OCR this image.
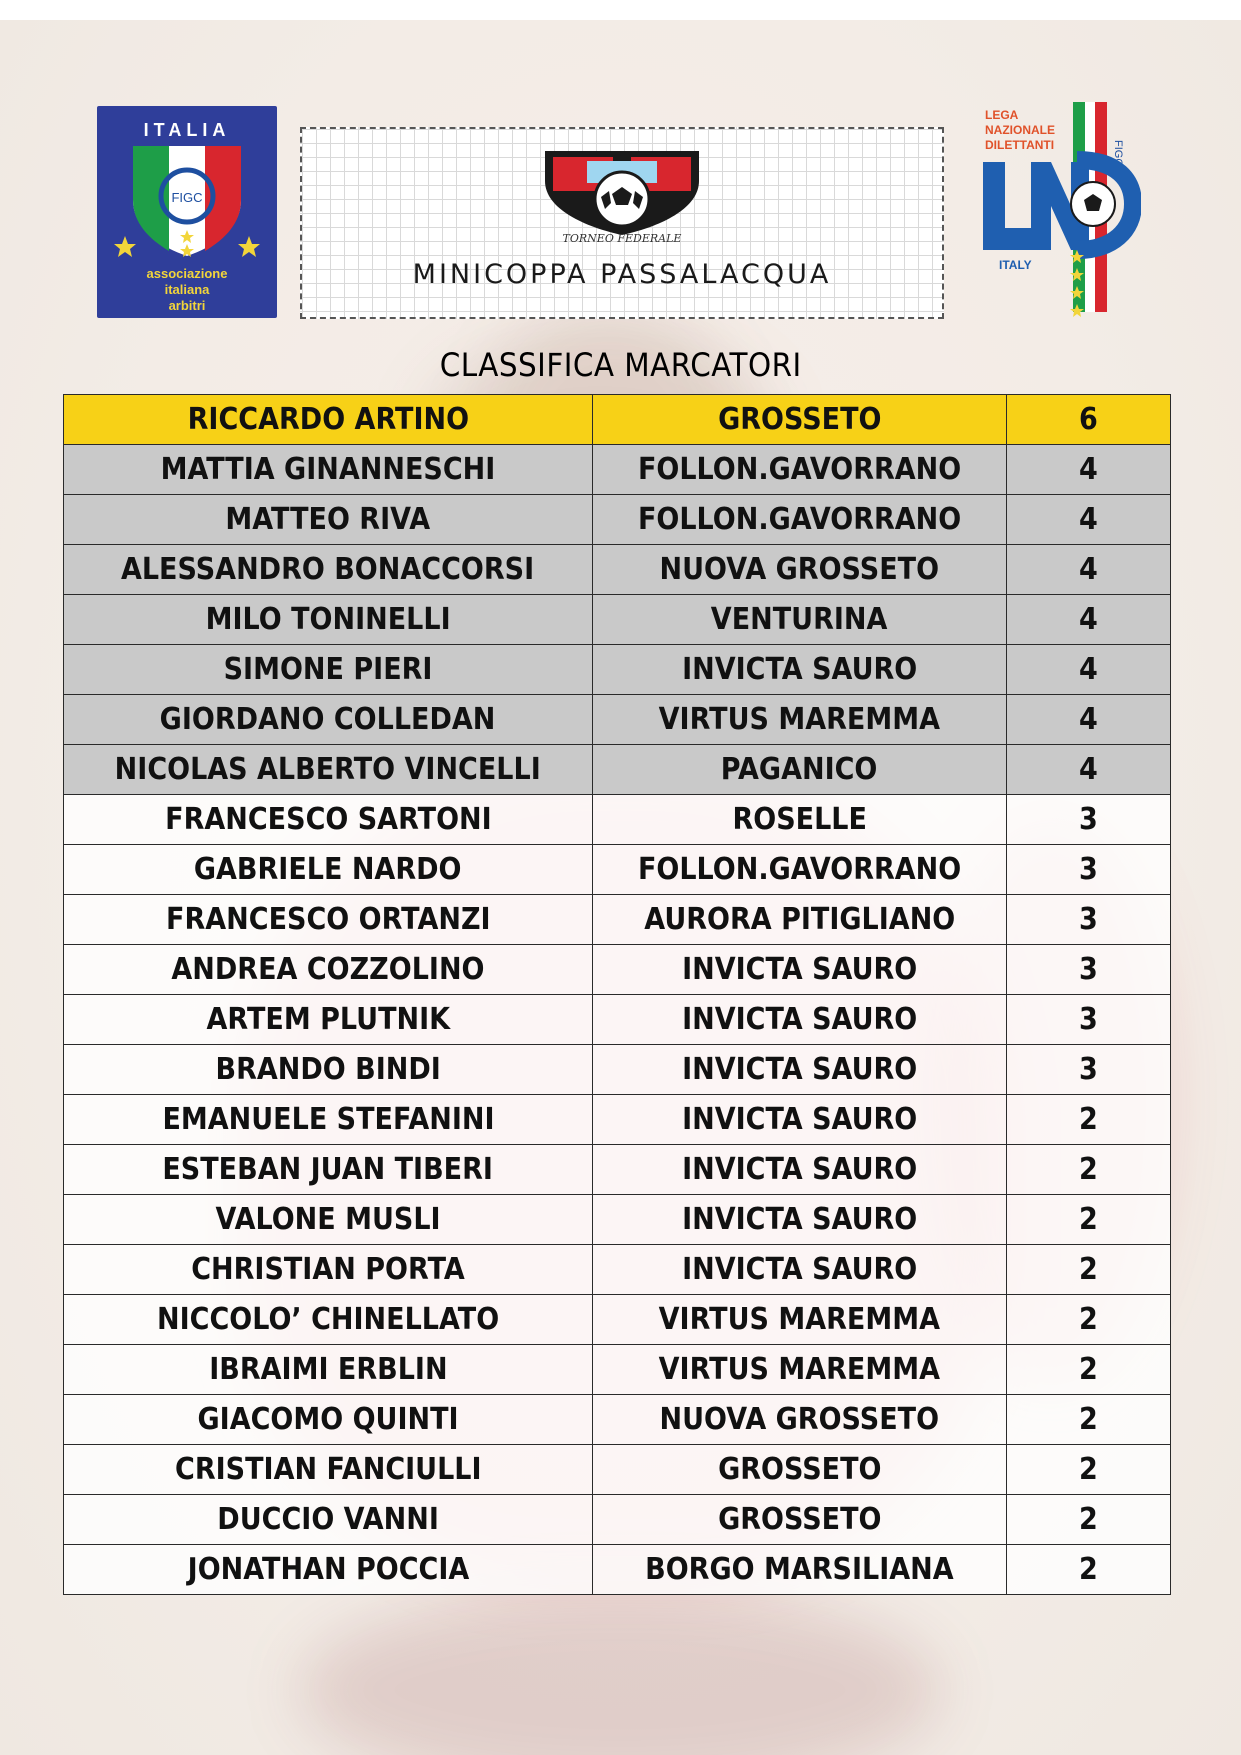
ITALIA
FIGC
associazione
italiana
arbitri
TORNEO FEDERALE
MINICOPPA PASSALACQUA
FIGC
LEGA
NAZIONALE
DILETTANTI
ITALY
CLASSIFICA MARCATORI
RICCARDO ARTINO	GROSSETO	6
MATTIA GINANNESCHI	FOLLON.GAVORRANO	4
MATTEO RIVA	FOLLON.GAVORRANO	4
ALESSANDRO BONACCORSI	NUOVA GROSSETO	4
MILO TONINELLI	VENTURINA	4
SIMONE PIERI	INVICTA SAURO	4
GIORDANO COLLEDAN	VIRTUS MAREMMA	4
NICOLAS ALBERTO VINCELLI	PAGANICO	4
FRANCESCO SARTONI	ROSELLE	3
GABRIELE NARDO	FOLLON.GAVORRANO	3
FRANCESCO ORTANZI	AURORA PITIGLIANO	3
ANDREA COZZOLINO	INVICTA SAURO	3
ARTEM PLUTNIK	INVICTA SAURO	3
BRANDO BINDI	INVICTA SAURO	3
EMANUELE STEFANINI	INVICTA SAURO	2
ESTEBAN JUAN TIBERI	INVICTA SAURO	2
VALONE MUSLI	INVICTA SAURO	2
CHRISTIAN PORTA	INVICTA SAURO	2
NICCOLO’ CHINELLATO	VIRTUS MAREMMA	2
IBRAIMI ERBLIN	VIRTUS MAREMMA	2
GIACOMO QUINTI	NUOVA GROSSETO	2
CRISTIAN FANCIULLI	GROSSETO	2
DUCCIO VANNI	GROSSETO	2
JONATHAN POCCIA	BORGO MARSILIANA	2
